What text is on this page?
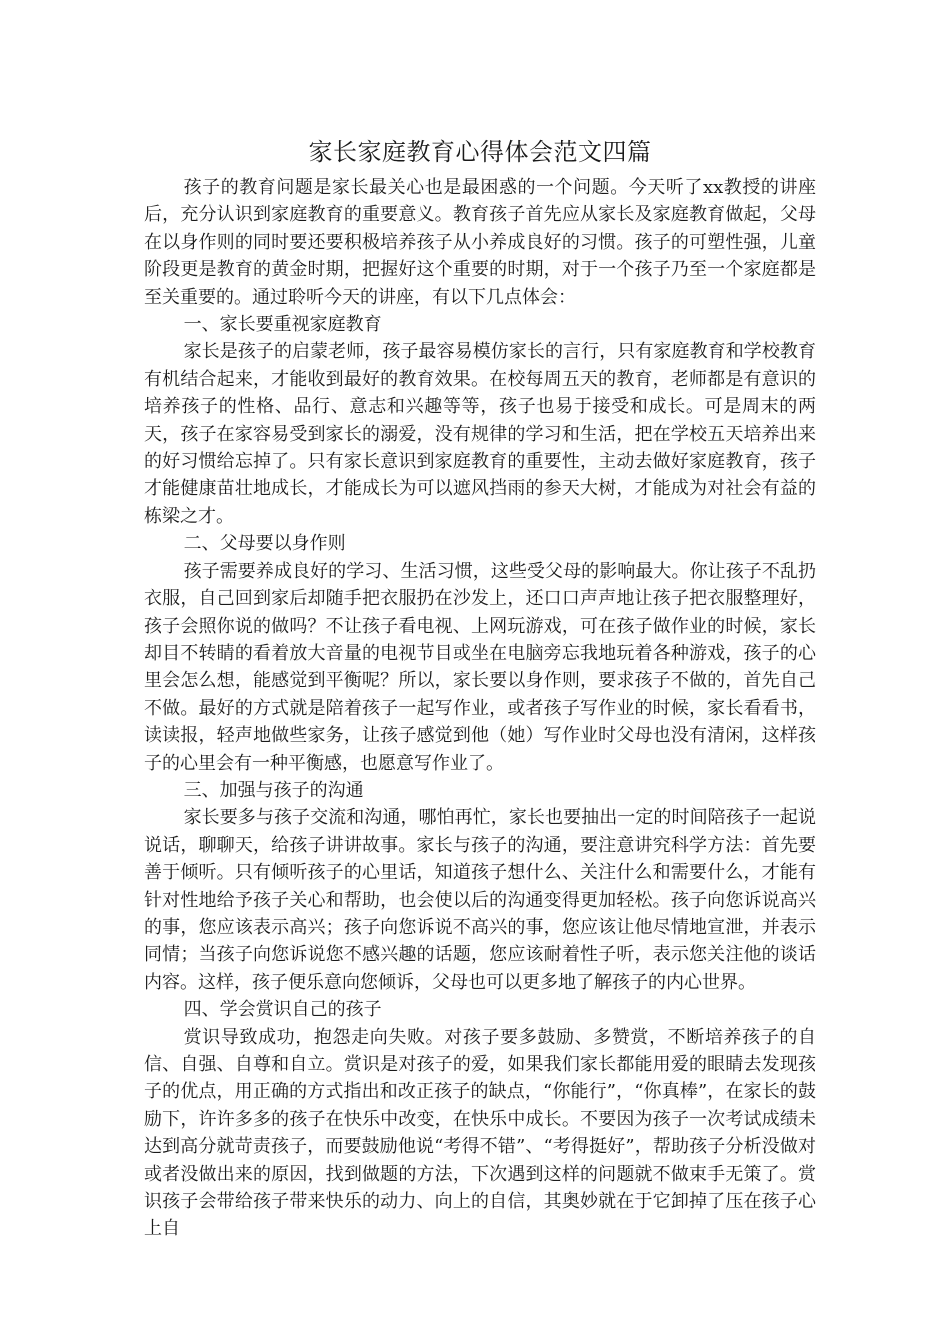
家长家庭教育心得体会范文四篇

孩子的教育问题是家长最关心也是最困惑的一个问题。今天听了xx教授的讲座后，充分认识到家庭教育的重要意义。教育孩子首先应从家长及家庭教育做起，父母在以身作则的同时要还要积极培养孩子从小养成良好的习惯。孩子的可塑性强，儿童阶段更是教育的黄金时期，把握好这个重要的时期，对于一个孩子乃至一个家庭都是至关重要的。通过聆听今天的讲座，有以下几点体会：

一、家长要重视家庭教育

家长是孩子的启蒙老师，孩子最容易模仿家长的言行，只有家庭教育和学校教育有机结合起来，才能收到最好的教育效果。在校每周五天的教育，老师都是有意识的培养孩子的性格、品行、意志和兴趣等等，孩子也易于接受和成长。可是周末的两天，孩子在家容易受到家长的溺爱，没有规律的学习和生活，把在学校五天培养出来的好习惯给忘掉了。只有家长意识到家庭教育的重要性，主动去做好家庭教育，孩子才能健康苗壮地成长，才能成长为可以遮风挡雨的参天大树，才能成为对社会有益的栋梁之才。

二、父母要以身作则

孩子需要养成良好的学习、生活习惯，这些受父母的影响最大。你让孩子不乱扔衣服，自己回到家后却随手把衣服扔在沙发上，还口口声声地让孩子把衣服整理好，孩子会照你说的做吗？不让孩子看电视、上网玩游戏，可在孩子做作业的时候，家长却目不转睛的看着放大音量的电视节目或坐在电脑旁忘我地玩着各种游戏，孩子的心里会怎么想，能感觉到平衡呢？所以，家长要以身作则，要求孩子不做的，首先自己不做。最好的方式就是陪着孩子一起写作业，或者孩子写作业的时候，家长看看书，读读报，轻声地做些家务，让孩子感觉到他（她）写作业时父母也没有清闲，这样孩子的心里会有一种平衡感，也愿意写作业了。

三、加强与孩子的沟通

家长要多与孩子交流和沟通，哪怕再忙，家长也要抽出一定的时间陪孩子一起说说话，聊聊天，给孩子讲讲故事。家长与孩子的沟通，要注意讲究科学方法：首先要善于倾听。只有倾听孩子的心里话，知道孩子想什么、关注什么和需要什么，才能有针对性地给予孩子关心和帮助，也会使以后的沟通变得更加轻松。孩子向您诉说高兴的事，您应该表示高兴；孩子向您诉说不高兴的事，您应该让他尽情地宣泄，并表示同情；当孩子向您诉说您不感兴趣的话题，您应该耐着性子听，表示您关注他的谈话内容。这样，孩子便乐意向您倾诉，父母也可以更多地了解孩子的内心世界。

四、学会赏识自己的孩子

赏识导致成功，抱怨走向失败。对孩子要多鼓励、多赞赏，不断培养孩子的自信、自强、自尊和自立。赏识是对孩子的爱，如果我们家长都能用爱的眼睛去发现孩子的优点，用正确的方式指出和改正孩子的缺点，“你能行”，“你真棒”，在家长的鼓励下，许许多多的孩子在快乐中改变，在快乐中成长。不要因为孩子一次考试成绩未达到高分就苛责孩子，而要鼓励他说“考得不错”、“考得挺好”，帮助孩子分析没做对或者没做出来的原因，找到做题的方法，下次遇到这样的问题就不做束手无策了。赏识孩子会带给孩子带来快乐的动力、向上的自信，其奥妙就在于它卸掉了压在孩子心上自
